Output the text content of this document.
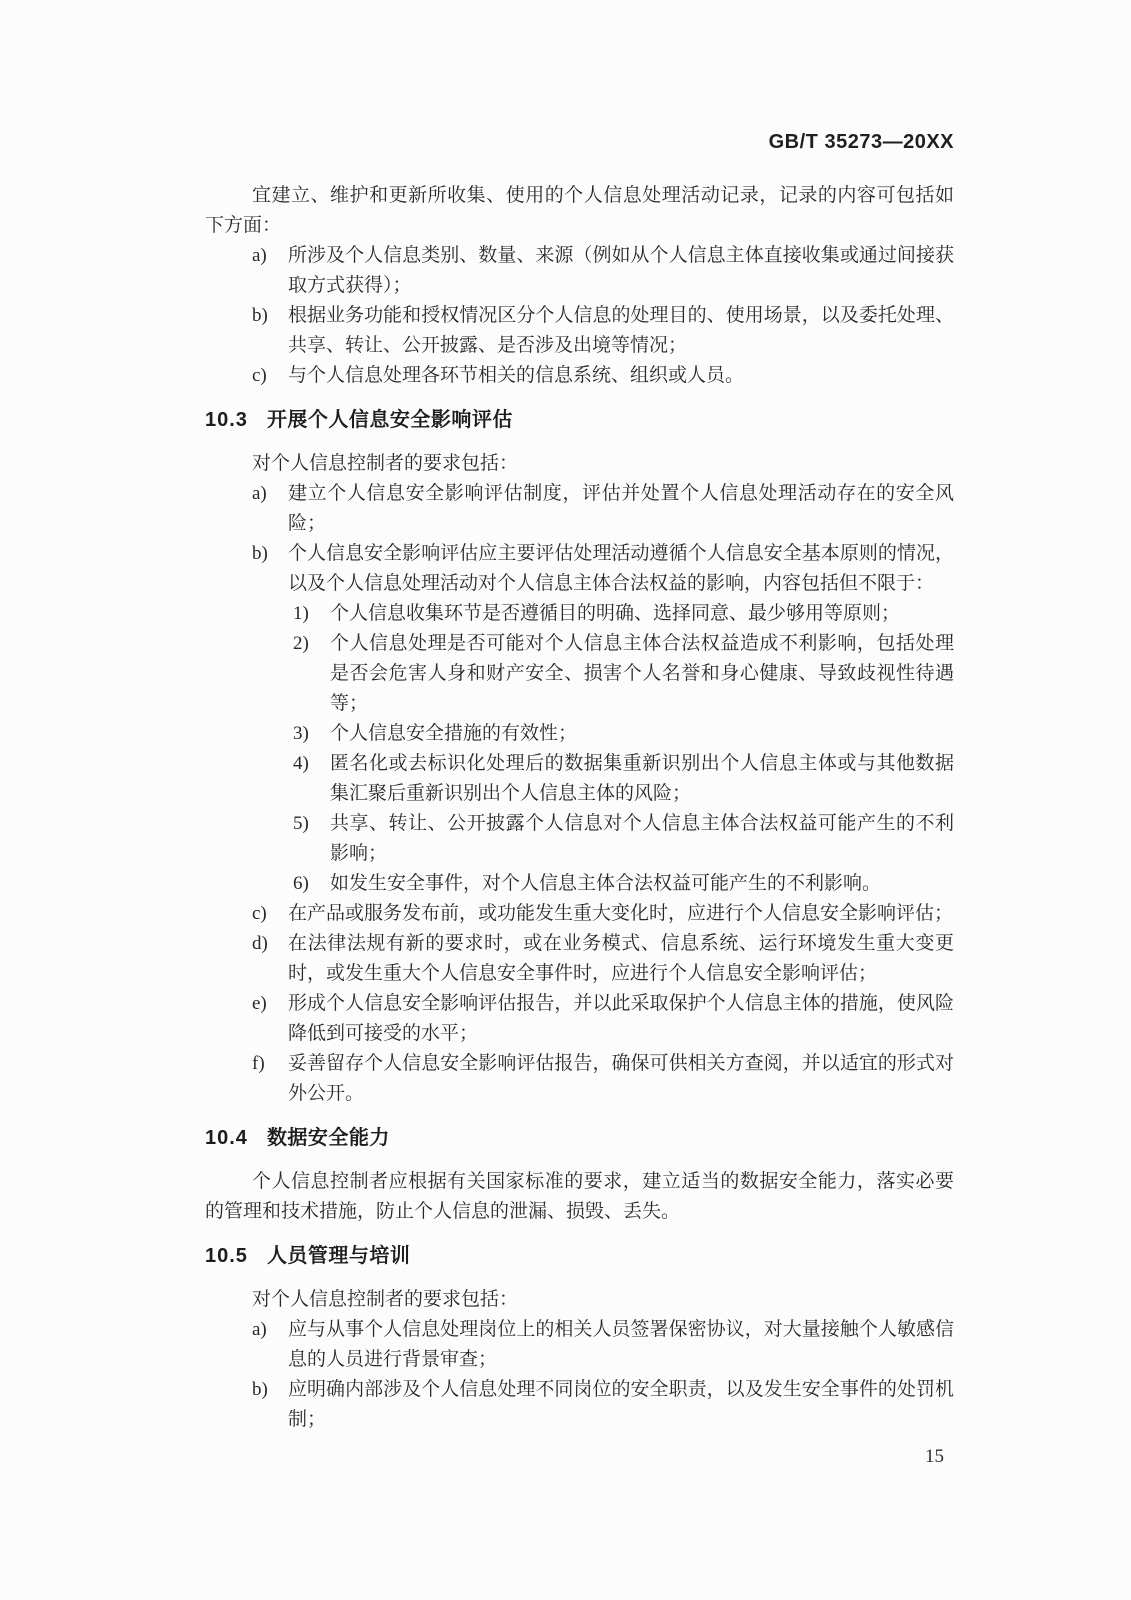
GB/T 35273—20XX

宜建立、维护和更新所收集、使用的个人信息处理活动记录，记录的内容可包括如下方面：

a) 所涉及个人信息类别、数量、来源（例如从个人信息主体直接收集或通过间接获取方式获得）；
b) 根据业务功能和授权情况区分个人信息的处理目的、使用场景，以及委托处理、共享、转让、公开披露、是否涉及出境等情况；
c) 与个人信息处理各环节相关的信息系统、组织或人员。
10.3 开展个人信息安全影响评估

对个人信息控制者的要求包括：

a) 建立个人信息安全影响评估制度，评估并处置个人信息处理活动存在的安全风险；
b) 个人信息安全影响评估应主要评估处理活动遵循个人信息安全基本原则的情况，以及个人信息处理活动对个人信息主体合法权益的影响，内容包括但不限于：
1) 个人信息收集环节是否遵循目的明确、选择同意、最少够用等原则；
2) 个人信息处理是否可能对个人信息主体合法权益造成不利影响，包括处理是否会危害人身和财产安全、损害个人名誉和身心健康、导致歧视性待遇等；
3) 个人信息安全措施的有效性；
4) 匿名化或去标识化处理后的数据集重新识别出个人信息主体或与其他数据集汇聚后重新识别出个人信息主体的风险；
5) 共享、转让、公开披露个人信息对个人信息主体合法权益可能产生的不利影响；
6) 如发生安全事件，对个人信息主体合法权益可能产生的不利影响。
c) 在产品或服务发布前，或功能发生重大变化时，应进行个人信息安全影响评估；
d) 在法律法规有新的要求时，或在业务模式、信息系统、运行环境发生重大变更时，或发生重大个人信息安全事件时，应进行个人信息安全影响评估；
e) 形成个人信息安全影响评估报告，并以此采取保护个人信息主体的措施，使风险降低到可接受的水平；
f) 妥善留存个人信息安全影响评估报告，确保可供相关方查阅，并以适宜的形式对外公开。
10.4 数据安全能力

个人信息控制者应根据有关国家标准的要求，建立适当的数据安全能力，落实必要的管理和技术措施，防止个人信息的泄漏、损毁、丢失。

10.5 人员管理与培训

对个人信息控制者的要求包括：

a) 应与从事个人信息处理岗位上的相关人员签署保密协议，对大量接触个人敏感信息的人员进行背景审查；
b) 应明确内部涉及个人信息处理不同岗位的安全职责，以及发生安全事件的处罚机制；
15
